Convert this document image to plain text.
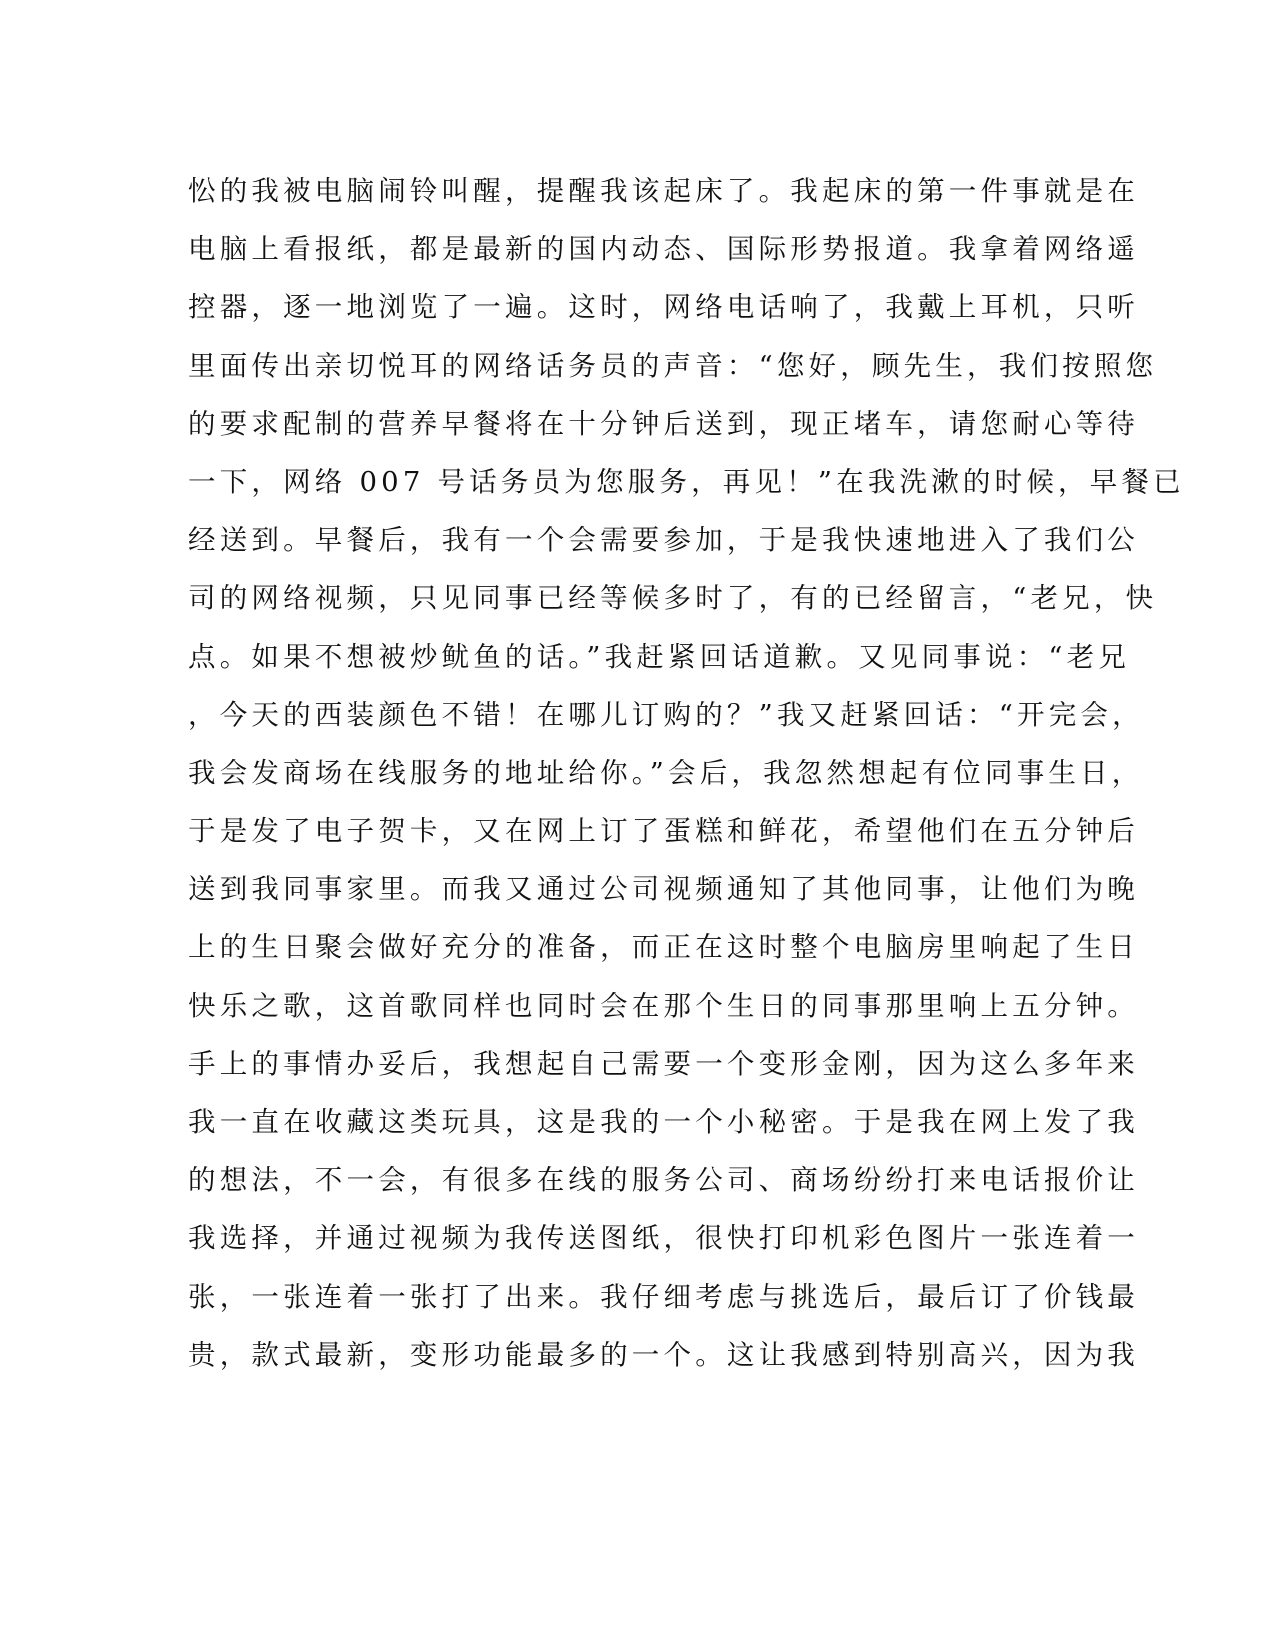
忪的我被电脑闹铃叫醒，提醒我该起床了。我起床的第一件事就是在
电脑上看报纸，都是最新的国内动态、国际形势报道。我拿着网络遥
控器，逐一地浏览了一遍。这时，网络电话响了，我戴上耳机，只听
里面传出亲切悦耳的网络话务员的声音：“您好，顾先生，我们按照您
的要求配制的营养早餐将在十分钟后送到，现正堵车，请您耐心等待
一下，网络 007 号话务员为您服务，再见！”在我洗漱的时候，早餐已
经送到。早餐后，我有一个会需要参加，于是我快速地进入了我们公
司的网络视频，只见同事已经等候多时了，有的已经留言，“老兄，快
点。如果不想被炒鱿鱼的话。”我赶紧回话道歉。又见同事说：“老兄
，今天的西装颜色不错！在哪儿订购的？”我又赶紧回话：“开完会，
我会发商场在线服务的地址给你。”会后，我忽然想起有位同事生日，
于是发了电子贺卡，又在网上订了蛋糕和鲜花，希望他们在五分钟后
送到我同事家里。而我又通过公司视频通知了其他同事，让他们为晚
上的生日聚会做好充分的准备，而正在这时整个电脑房里响起了生日
快乐之歌，这首歌同样也同时会在那个生日的同事那里响上五分钟。
手上的事情办妥后，我想起自己需要一个变形金刚，因为这么多年来
我一直在收藏这类玩具，这是我的一个小秘密。于是我在网上发了我
的想法，不一会，有很多在线的服务公司、商场纷纷打来电话报价让
我选择，并通过视频为我传送图纸，很快打印机彩色图片一张连着一
张，一张连着一张打了出来。我仔细考虑与挑选后，最后订了价钱最
贵，款式最新，变形功能最多的一个。这让我感到特别高兴，因为我
